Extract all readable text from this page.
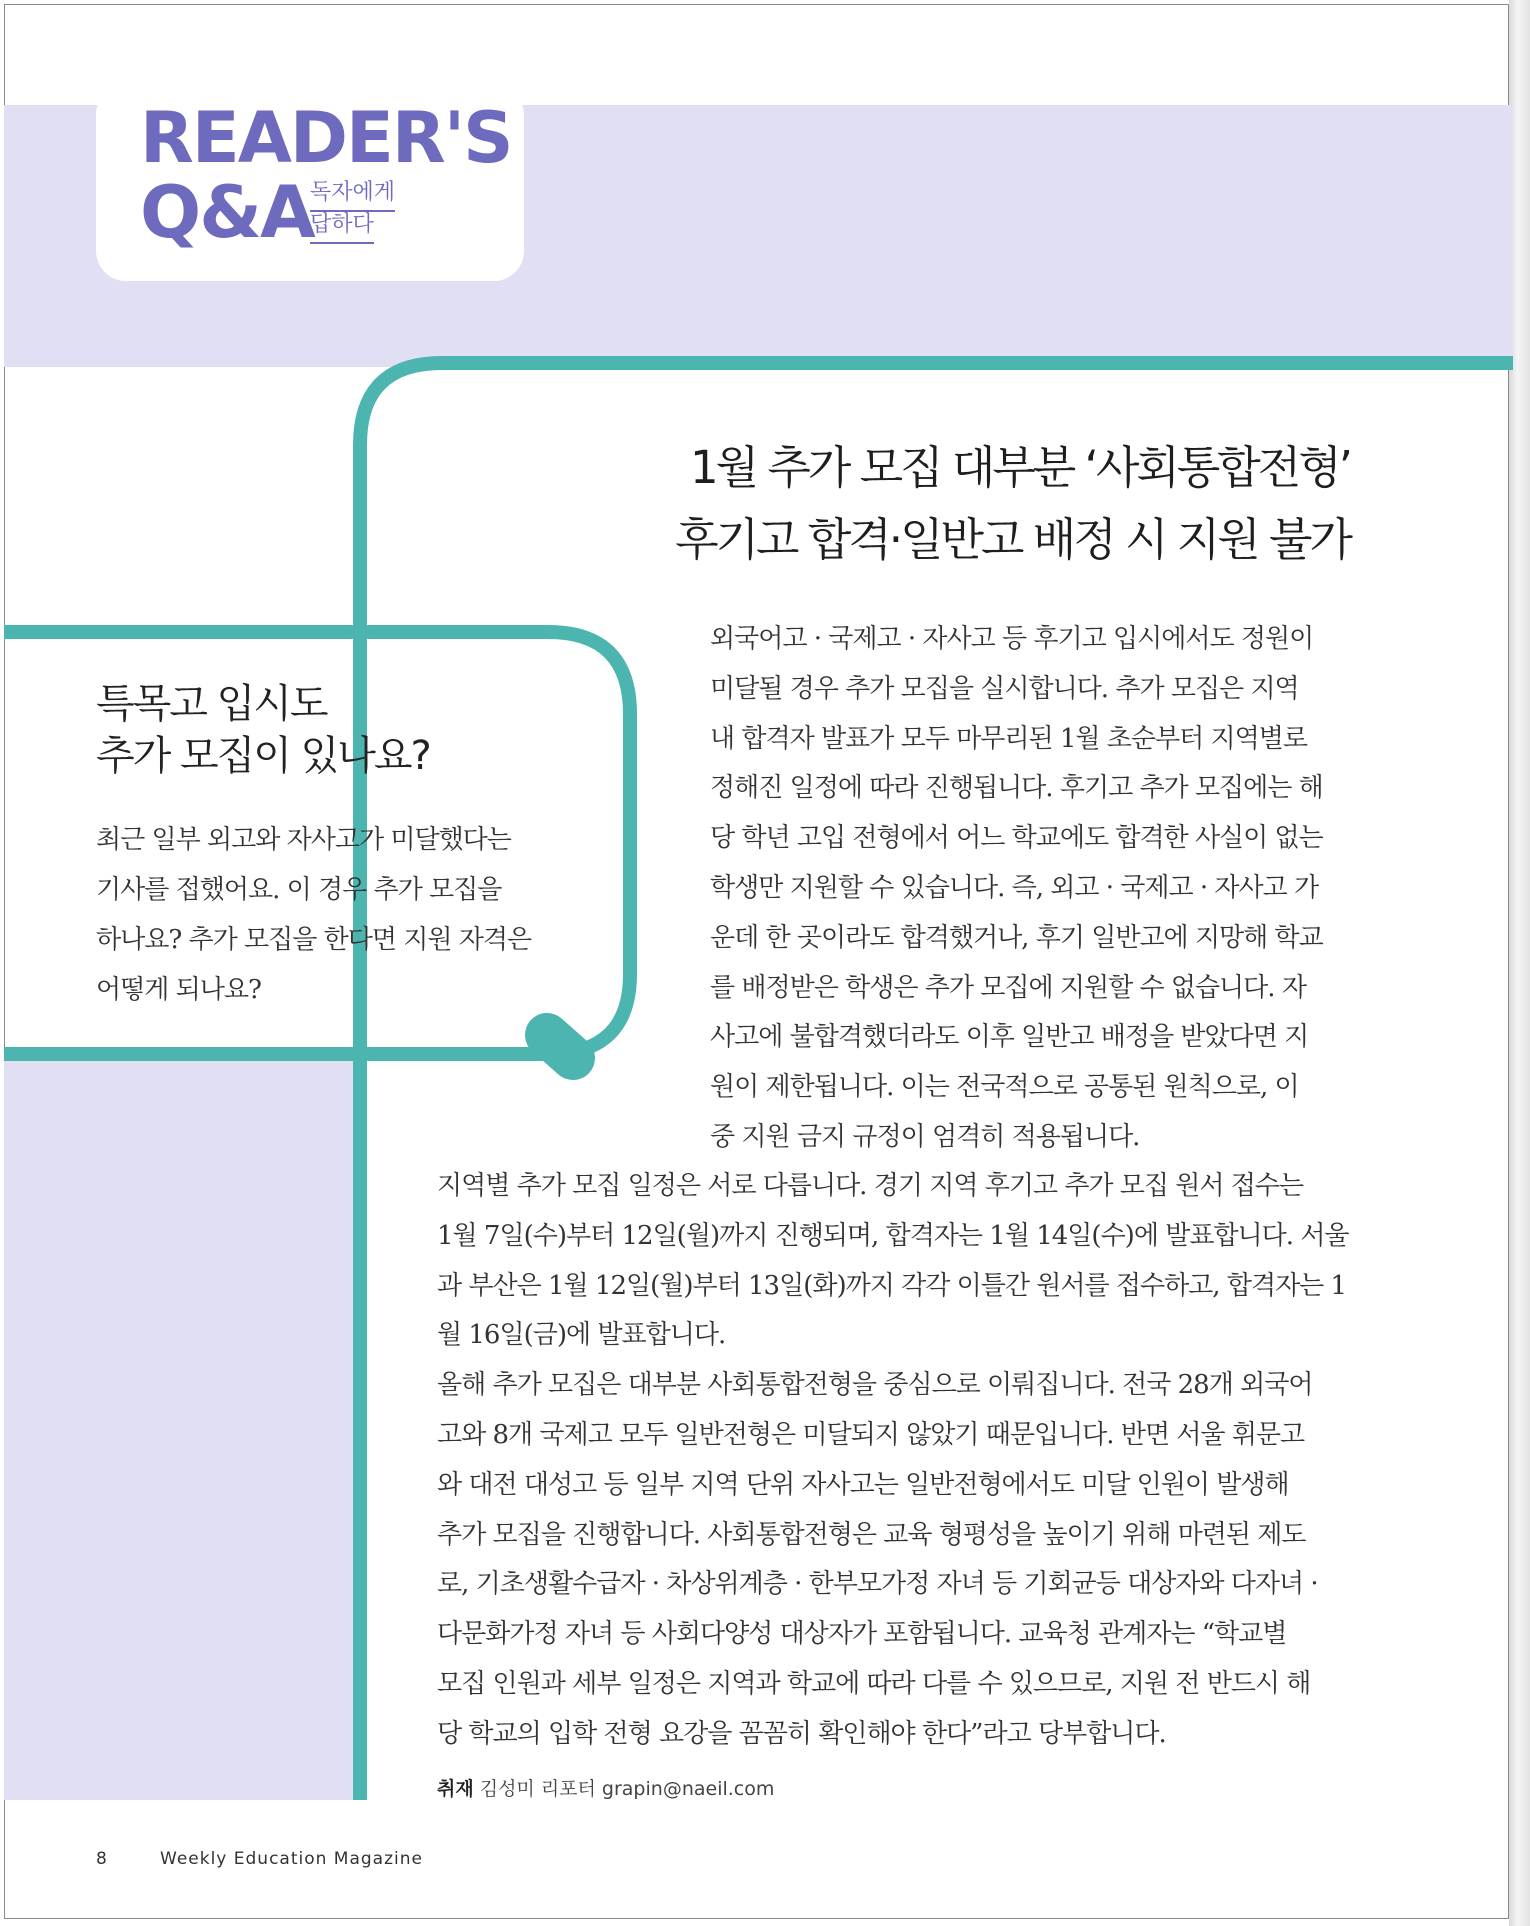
READER'S
Q&A
독자에게
답하다
1월 추가 모집 대부분 ‘사회통합전형’
후기고 합격·일반고 배정 시 지원 불가
특목고 입시도
추가 모집이 있나요?
최근 일부 외고와 자사고가 미달했다는
기사를 접했어요. 이 경우 추가 모집을
하나요? 추가 모집을 한다면 지원 자격은
어떻게 되나요?
외국어고 · 국제고 · 자사고 등 후기고 입시에서도 정원이
미달될 경우 추가 모집을 실시합니다. 추가 모집은 지역
내 합격자 발표가 모두 마무리된 1월 초순부터 지역별로
정해진 일정에 따라 진행됩니다. 후기고 추가 모집에는 해
당 학년 고입 전형에서 어느 학교에도 합격한 사실이 없는
학생만 지원할 수 있습니다. 즉, 외고 · 국제고 · 자사고 가
운데 한 곳이라도 합격했거나, 후기 일반고에 지망해 학교
를 배정받은 학생은 추가 모집에 지원할 수 없습니다. 자
사고에 불합격했더라도 이후 일반고 배정을 받았다면 지
원이 제한됩니다. 이는 전국적으로 공통된 원칙으로, 이
중 지원 금지 규정이 엄격히 적용됩니다.
지역별 추가 모집 일정은 서로 다릅니다. 경기 지역 후기고 추가 모집 원서 접수는
1월 7일(수)부터 12일(월)까지 진행되며, 합격자는 1월 14일(수)에 발표합니다. 서울
과 부산은 1월 12일(월)부터 13일(화)까지 각각 이틀간 원서를 접수하고, 합격자는 1
월 16일(금)에 발표합니다.
올해 추가 모집은 대부분 사회통합전형을 중심으로 이뤄집니다. 전국 28개 외국어
고와 8개 국제고 모두 일반전형은 미달되지 않았기 때문입니다. 반면 서울 휘문고
와 대전 대성고 등 일부 지역 단위 자사고는 일반전형에서도 미달 인원이 발생해
추가 모집을 진행합니다. 사회통합전형은 교육 형평성을 높이기 위해 마련된 제도
로, 기초생활수급자 · 차상위계층 · 한부모가정 자녀 등 기회균등 대상자와 다자녀 ·
다문화가정 자녀 등 사회다양성 대상자가 포함됩니다. 교육청 관계자는 “학교별
모집 인원과 세부 일정은 지역과 학교에 따라 다를 수 있으므로, 지원 전 반드시 해
당 학교의 입학 전형 요강을 꼼꼼히 확인해야 한다”라고 당부합니다.
취재 김성미 리포터 grapin@naeil.com
8	Weekly Education Magazine
